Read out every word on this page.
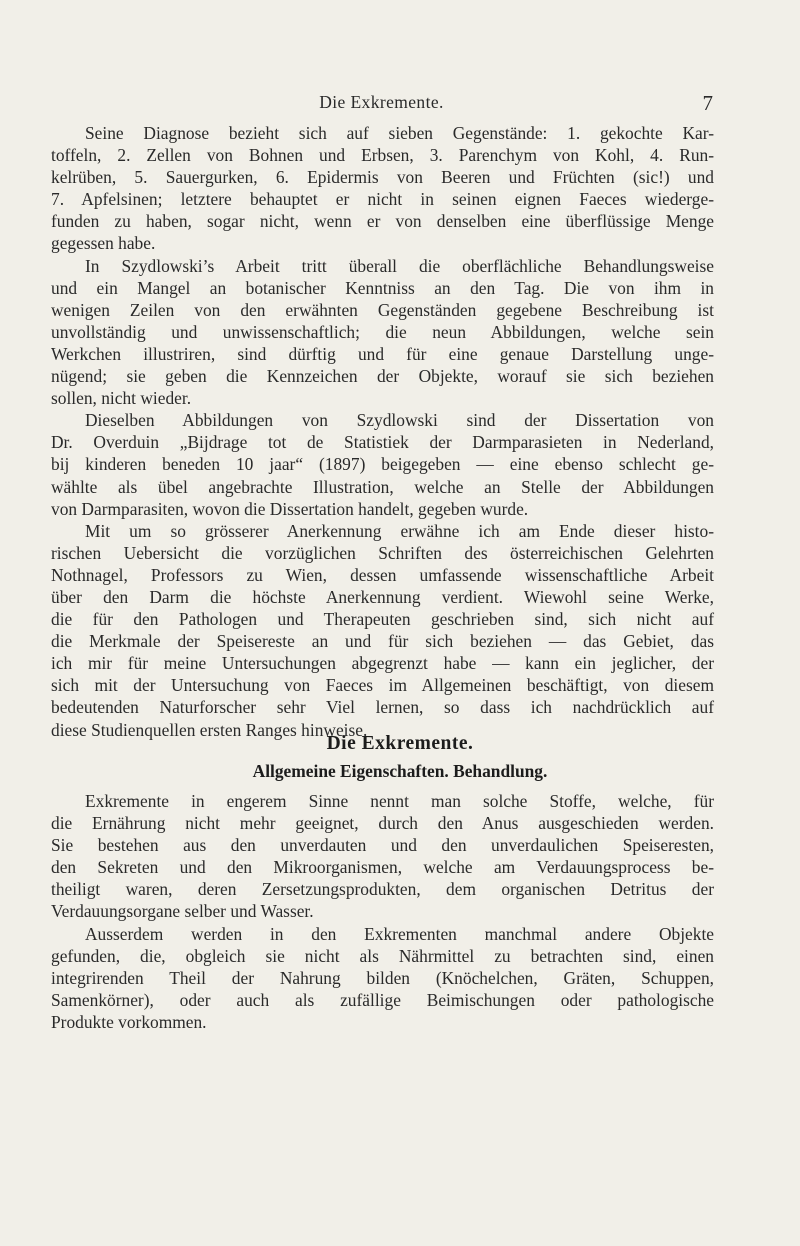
Die Exkremente.	7
Seine Diagnose bezieht sich auf sieben Gegenstände: 1. gekochte Kar-
toffeln, 2. Zellen von Bohnen und Erbsen, 3. Parenchym von Kohl, 4. Run-
kelrüben, 5. Sauergurken, 6. Epidermis von Beeren und Früchten (sic!) und
7. Apfelsinen; letztere behauptet er nicht in seinen eignen Faeces wiederge-
funden zu haben, sogar nicht, wenn er von denselben eine überflüssige Menge
gegessen habe.
In Szydlowski’s Arbeit tritt überall die oberflächliche Behandlungsweise
und ein Mangel an botanischer Kenntniss an den Tag. Die von ihm in
wenigen Zeilen von den erwähnten Gegenständen gegebene Beschreibung ist
unvollständig und unwissenschaftlich; die neun Abbildungen, welche sein
Werkchen illustriren, sind dürftig und für eine genaue Darstellung unge-
nügend; sie geben die Kennzeichen der Objekte, worauf sie sich beziehen
sollen, nicht wieder.
Dieselben Abbildungen von Szydlowski sind der Dissertation von
Dr. Overduin „Bijdrage tot de Statistiek der Darmparasieten in Nederland,
bij kinderen beneden 10 jaar“ (1897) beigegeben — eine ebenso schlecht ge-
wählte als übel angebrachte Illustration, welche an Stelle der Abbildungen
von Darmparasiten, wovon die Dissertation handelt, gegeben wurde.
Mit um so grösserer Anerkennung erwähne ich am Ende dieser histo-
rischen Uebersicht die vorzüglichen Schriften des österreichischen Gelehrten
Nothnagel, Professors zu Wien, dessen umfassende wissenschaftliche Arbeit
über den Darm die höchste Anerkennung verdient. Wiewohl seine Werke,
die für den Pathologen und Therapeuten geschrieben sind, sich nicht auf
die Merkmale der Speisereste an und für sich beziehen — das Gebiet, das
ich mir für meine Untersuchungen abgegrenzt habe — kann ein jeglicher, der
sich mit der Untersuchung von Faeces im Allgemeinen beschäftigt, von diesem
bedeutenden Naturforscher sehr Viel lernen, so dass ich nachdrücklich auf
diese Studienquellen ersten Ranges hinweise.
Die Exkremente.
Allgemeine Eigenschaften. Behandlung.
Exkremente in engerem Sinne nennt man solche Stoffe, welche, für
die Ernährung nicht mehr geeignet, durch den Anus ausgeschieden werden.
Sie bestehen aus den unverdauten und den unverdaulichen Speiseresten,
den Sekreten und den Mikroorganismen, welche am Verdauungsprocess be-
theiligt waren, deren Zersetzungsprodukten, dem organischen Detritus der
Verdauungsorgane selber und Wasser.
Ausserdem werden in den Exkrementen manchmal andere Objekte
gefunden, die, obgleich sie nicht als Nährmittel zu betrachten sind, einen
integrirenden Theil der Nahrung bilden (Knöchelchen, Gräten, Schuppen,
Samenkörner), oder auch als zufällige Beimischungen oder pathologische
Produkte vorkommen.
